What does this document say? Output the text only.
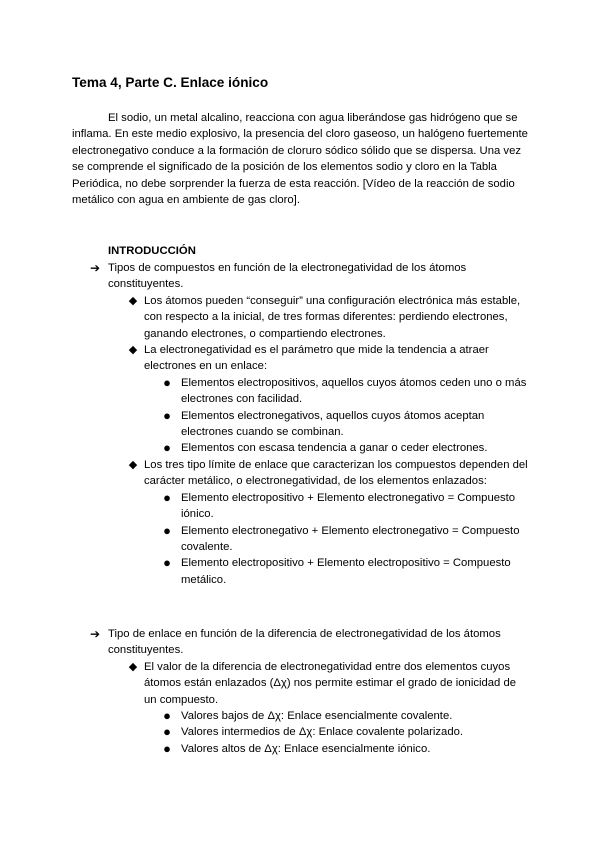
Tema 4, Parte C. Enlace iónico

El sodio, un metal alcalino, reacciona con agua liberándose gas hidrógeno que se inflama. En este medio explosivo, la presencia del cloro gaseoso, un halógeno fuertemente electronegativo conduce a la formación de cloruro sódico sólido que se dispersa. Una vez se comprende el significado de la posición de los elementos sodio y cloro en la Tabla Periódica, no debe sorprender la fuerza de esta reacción. [Vídeo de la reacción de sodio metálico con agua en ambiente de gas cloro].

INTRODUCCIÓN
➔ Tipos de compuestos en función de la electronegatividad de los átomos constituyentes.
◆ Los átomos pueden “conseguir” una configuración electrónica más estable, con respecto a la inicial, de tres formas diferentes: perdiendo electrones, ganando electrones, o compartiendo electrones.
◆ La electronegatividad es el parámetro que mide la tendencia a atraer electrones en un enlace:
● Elementos electropositivos, aquellos cuyos átomos ceden uno o más electrones con facilidad.
● Elementos electronegativos, aquellos cuyos átomos aceptan electrones cuando se combinan.
● Elementos con escasa tendencia a ganar o ceder electrones.
◆ Los tres tipo límite de enlace que caracterizan los compuestos dependen del carácter metálico, o electronegatividad, de los elementos enlazados:
● Elemento electropositivo + Elemento electronegativo = Compuesto iónico.
● Elemento electronegativo + Elemento electronegativo = Compuesto covalente.
● Elemento electropositivo + Elemento electropositivo = Compuesto metálico.
➔ Tipo de enlace en función de la diferencia de electronegatividad de los átomos constituyentes.
◆ El valor de la diferencia de electronegatividad entre dos elementos cuyos átomos están enlazados (Δχ) nos permite estimar el grado de ionicidad de un compuesto.
● Valores bajos de Δχ: Enlace esencialmente covalente.
● Valores intermedios de Δχ: Enlace covalente polarizado.
● Valores altos de Δχ: Enlace esencialmente iónico.
